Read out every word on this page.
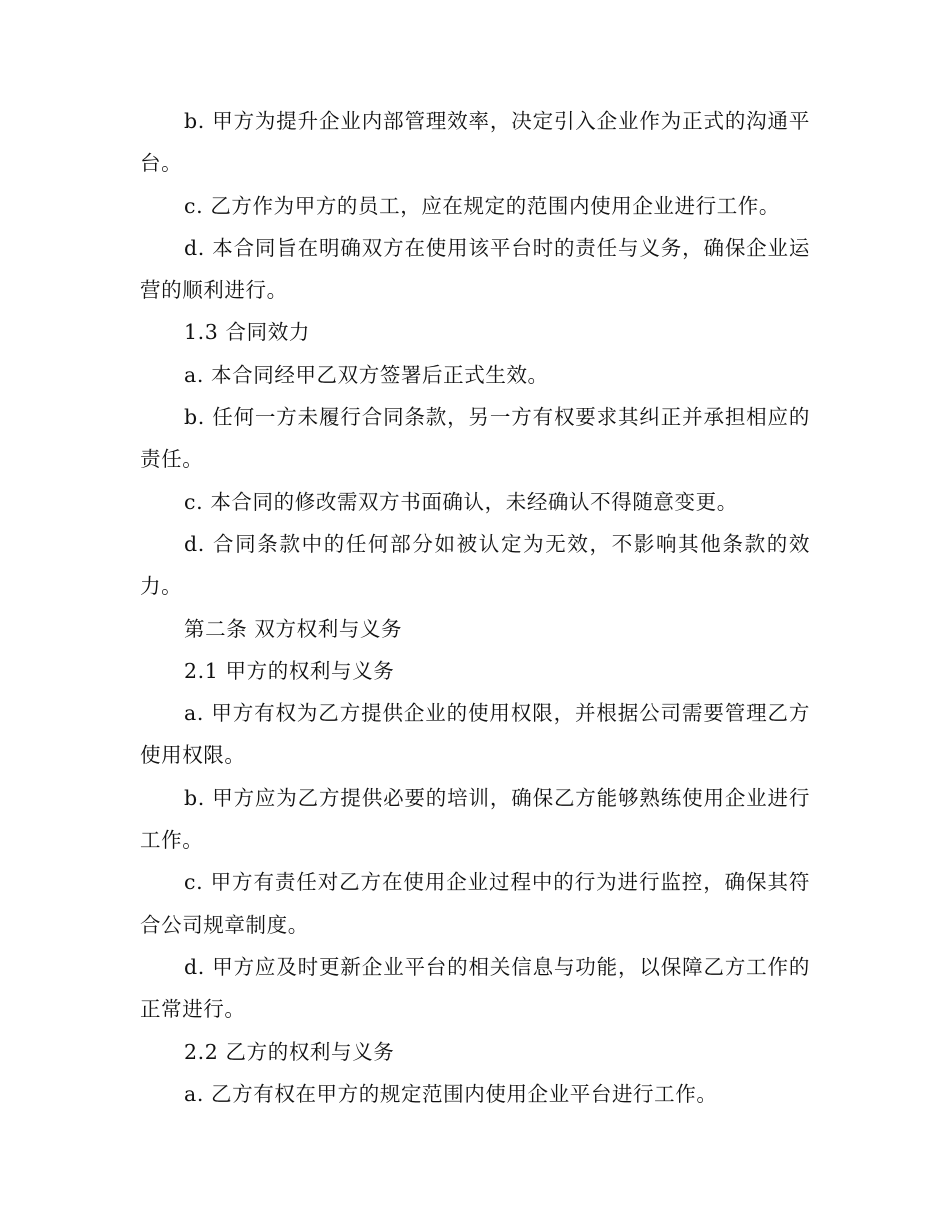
b. 甲方为提升企业内部管理效率，决定引入企业作为正式的沟通平台。

c. 乙方作为甲方的员工，应在规定的范围内使用企业进行工作。

d. 本合同旨在明确双方在使用该平台时的责任与义务，确保企业运营的顺利进行。

1.3 合同效力

a. 本合同经甲乙双方签署后正式生效。

b. 任何一方未履行合同条款，另一方有权要求其纠正并承担相应的责任。

c. 本合同的修改需双方书面确认，未经确认不得随意变更。

d. 合同条款中的任何部分如被认定为无效，不影响其他条款的效力。

第二条 双方权利与义务

2.1 甲方的权利与义务

a. 甲方有权为乙方提供企业的使用权限，并根据公司需要管理乙方使用权限。

b. 甲方应为乙方提供必要的培训，确保乙方能够熟练使用企业进行工作。

c. 甲方有责任对乙方在使用企业过程中的行为进行监控，确保其符合公司规章制度。

d. 甲方应及时更新企业平台的相关信息与功能，以保障乙方工作的正常进行。

2.2 乙方的权利与义务

a. 乙方有权在甲方的规定范围内使用企业平台进行工作。
